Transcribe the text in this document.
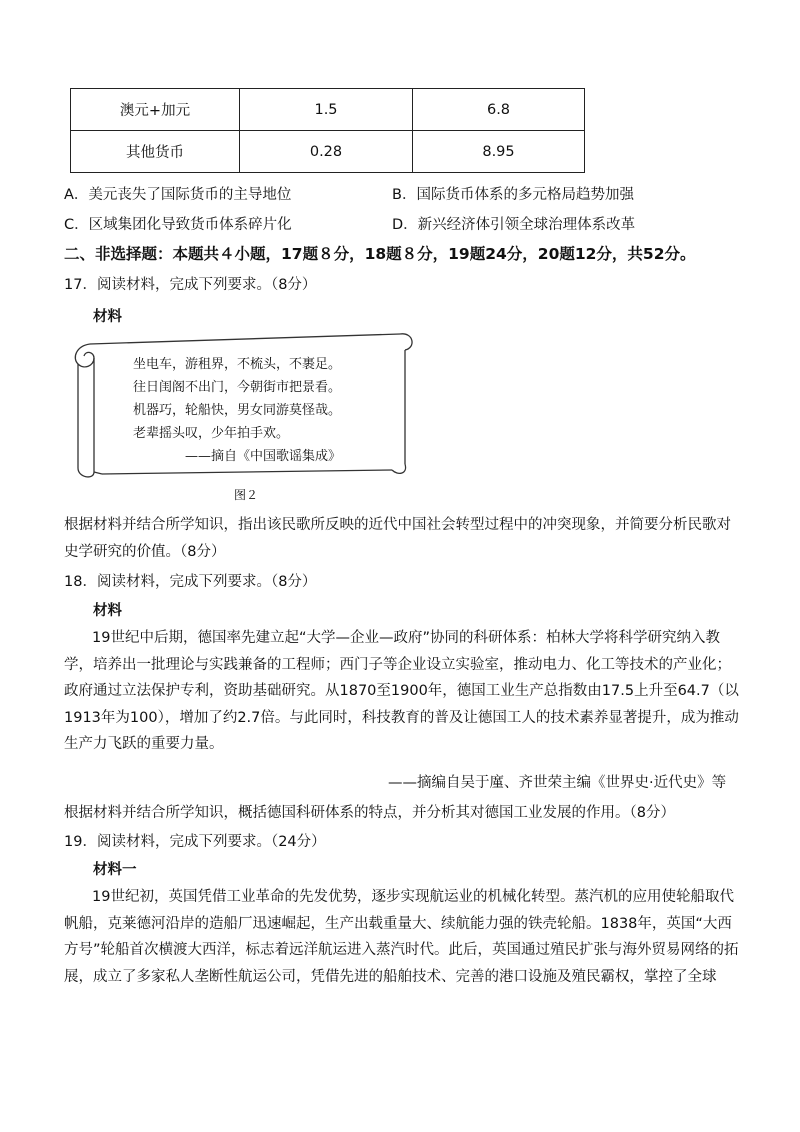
澳元+加元	1.5	6.8
其他货币	0.28	8.95
A．美元丧失了国际货币的主导地位	B．国际货币体系的多元格局趋势加强
C．区域集团化导致货币体系碎片化	D．新兴经济体引领全球治理体系改革
二、非选择题：本题共４小题，17题８分，18题８分，19题24分，20题12分，共52分。
17．阅读材料，完成下列要求。（8分）
材料
坐电车，游租界，不梳头，不裹足。
往日闺阁不出门，今朝街市把景看。
机器巧，轮船快，男女同游莫怪哉。
老辈摇头叹，少年拍手欢。
——摘自《中国歌谣集成》
图２
根据材料并结合所学知识，指出该民歌所反映的近代中国社会转型过程中的冲突现象，并简要分析民歌对史学研究的价值。（8分）
18．阅读材料，完成下列要求。（8分）
材料
19世纪中后期，德国率先建立起“大学—企业—政府”协同的科研体系：柏林大学将科学研究纳入教学，培养出一批理论与实践兼备的工程师；西门子等企业设立实验室，推动电力、化工等技术的产业化；政府通过立法保护专利，资助基础研究。从1870至1900年，德国工业生产总指数由17.5上升至64.7（以1913年为100），增加了约2.7倍。与此同时，科技教育的普及让德国工人的技术素养显著提升，成为推动生产力飞跃的重要力量。
——摘编自吴于廑、齐世荣主编《世界史·近代史》等
根据材料并结合所学知识，概括德国科研体系的特点，并分析其对德国工业发展的作用。（8分）
19．阅读材料，完成下列要求。（24分）
材料一
19世纪初，英国凭借工业革命的先发优势，逐步实现航运业的机械化转型。蒸汽机的应用使轮船取代帆船，克莱德河沿岸的造船厂迅速崛起，生产出载重量大、续航能力强的铁壳轮船。1838年，英国“大西方号”轮船首次横渡大西洋，标志着远洋航运进入蒸汽时代。此后，英国通过殖民扩张与海外贸易网络的拓展，成立了多家私人垄断性航运公司，凭借先进的船舶技术、完善的港口设施及殖民霸权，掌控了全球
